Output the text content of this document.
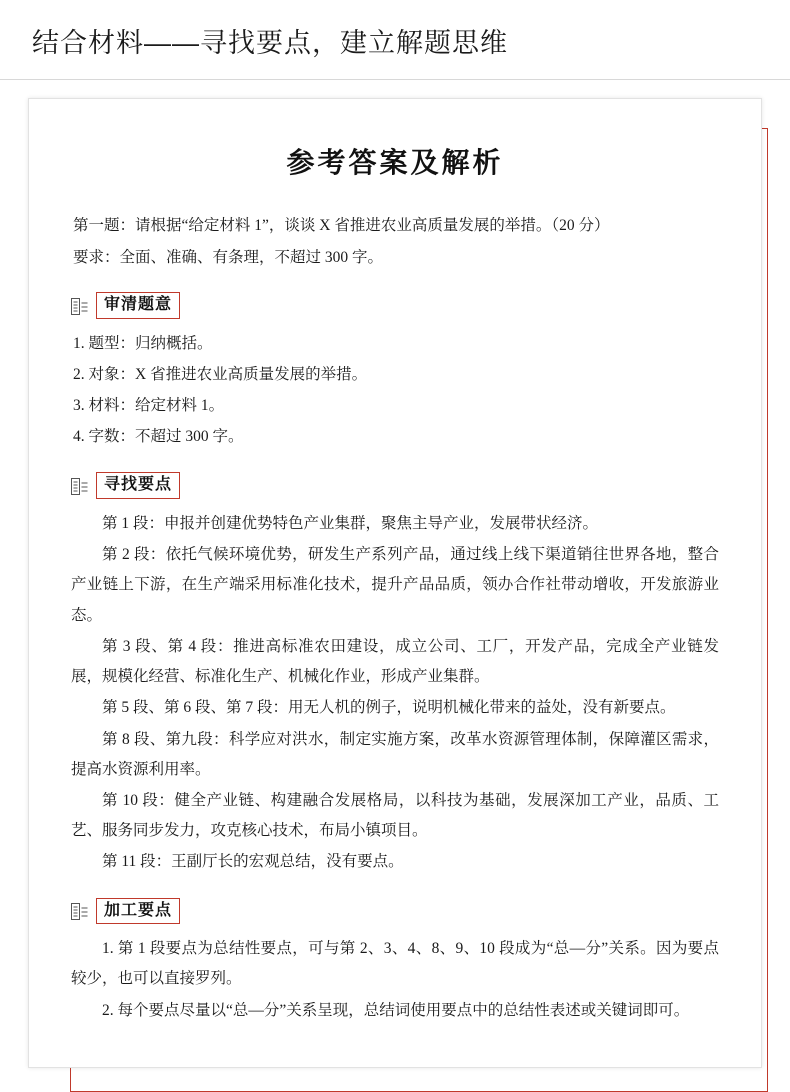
结合材料——寻找要点，建立解题思维
参考答案及解析

第一题：请根据“给定材料 1”，谈谈 X 省推进农业高质量发展的举措。（20 分）

要求：全面、准确、有条理，不超过 300 字。

审清题意

1. 题型：归纳概括。

2. 对象：X 省推进农业高质量发展的举措。

3. 材料：给定材料 1。

4. 字数：不超过 300 字。

寻找要点

第 1 段：申报并创建优势特色产业集群，聚焦主导产业，发展带状经济。

第 2 段：依托气候环境优势，研发生产系列产品，通过线上线下渠道销往世界各地，整合产业链上下游，在生产端采用标准化技术，提升产品品质，领办合作社带动增收，开发旅游业态。

第 3 段、第 4 段：推进高标准农田建设，成立公司、工厂，开发产品，完成全产业链发展，规模化经营、标准化生产、机械化作业，形成产业集群。

第 5 段、第 6 段、第 7 段：用无人机的例子，说明机械化带来的益处，没有新要点。

第 8 段、第九段：科学应对洪水，制定实施方案，改革水资源管理体制，保障灌区需求，提高水资源利用率。

第 10 段：健全产业链、构建融合发展格局，以科技为基础，发展深加工产业，品质、工艺、服务同步发力，攻克核心技术，布局小镇项目。

第 11 段：王副厅长的宏观总结，没有要点。

加工要点

1. 第 1 段要点为总结性要点，可与第 2、3、4、8、9、10 段成为“总—分”关系。因为要点较少，也可以直接罗列。

2. 每个要点尽量以“总—分”关系呈现，总结词使用要点中的总结性表述或关键词即可。
